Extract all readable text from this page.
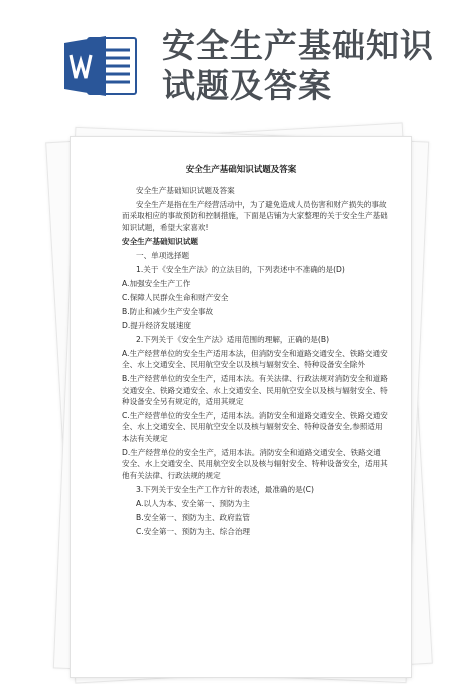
安全生产基础知识
试题及答案
安全生产基础知识试题及答案

安全生产基础知识试题及答案

安全生产是指在生产经营活动中，为了避免造成人员伤害和财产损失的事故而采取相应的事故预防和控制措施，下面是店铺为大家整理的关于安全生产基础知识试题，希望大家喜欢!

安全生产基础知识试题

一、单项选择题

1.关于《安全生产法》的立法目的，下列表述中不准确的是(D)

A.加强安全生产工作

C.保障人民群众生命和财产安全

B.防止和减少生产安全事故

D.提升经济发展速度

2.下列关于《安全生产法》适用范围的理解，正确的是(B)

A.生产经营单位的安全生产适用本法，但消防安全和道路交通安全、铁路交通安全、水上交通安全、民用航空安全以及核与辐射安全、特种设备安全除外

B.生产经营单位的安全生产，适用本法。有关法律、行政法规对消防安全和道路交通安全、铁路交通安全、水上交通安全、民用航空安全以及核与辐射安全、特种设备安全另有规定的，适用其规定

C.生产经营单位的安全生产，适用本法。消防安全和道路交通安全、铁路交通安全、水上交通安全、民用航空安全以及核与辐射安全、特种设备安全,参照适用本法有关规定

D.生产经营单位的安全生产，适用本法。消防安全和道路交通安全、铁路交通安全、水上交通安全、民用航空安全以及核与辐射安全、特种设备安全，适用其他有关法律、行政法规的规定

3.下列关于安全生产工作方针的表述，最准确的是(C)

A.以人为本、安全第一、预防为主

B.安全第一、预防为主、政府监管

C.安全第一、预防为主、综合治理
